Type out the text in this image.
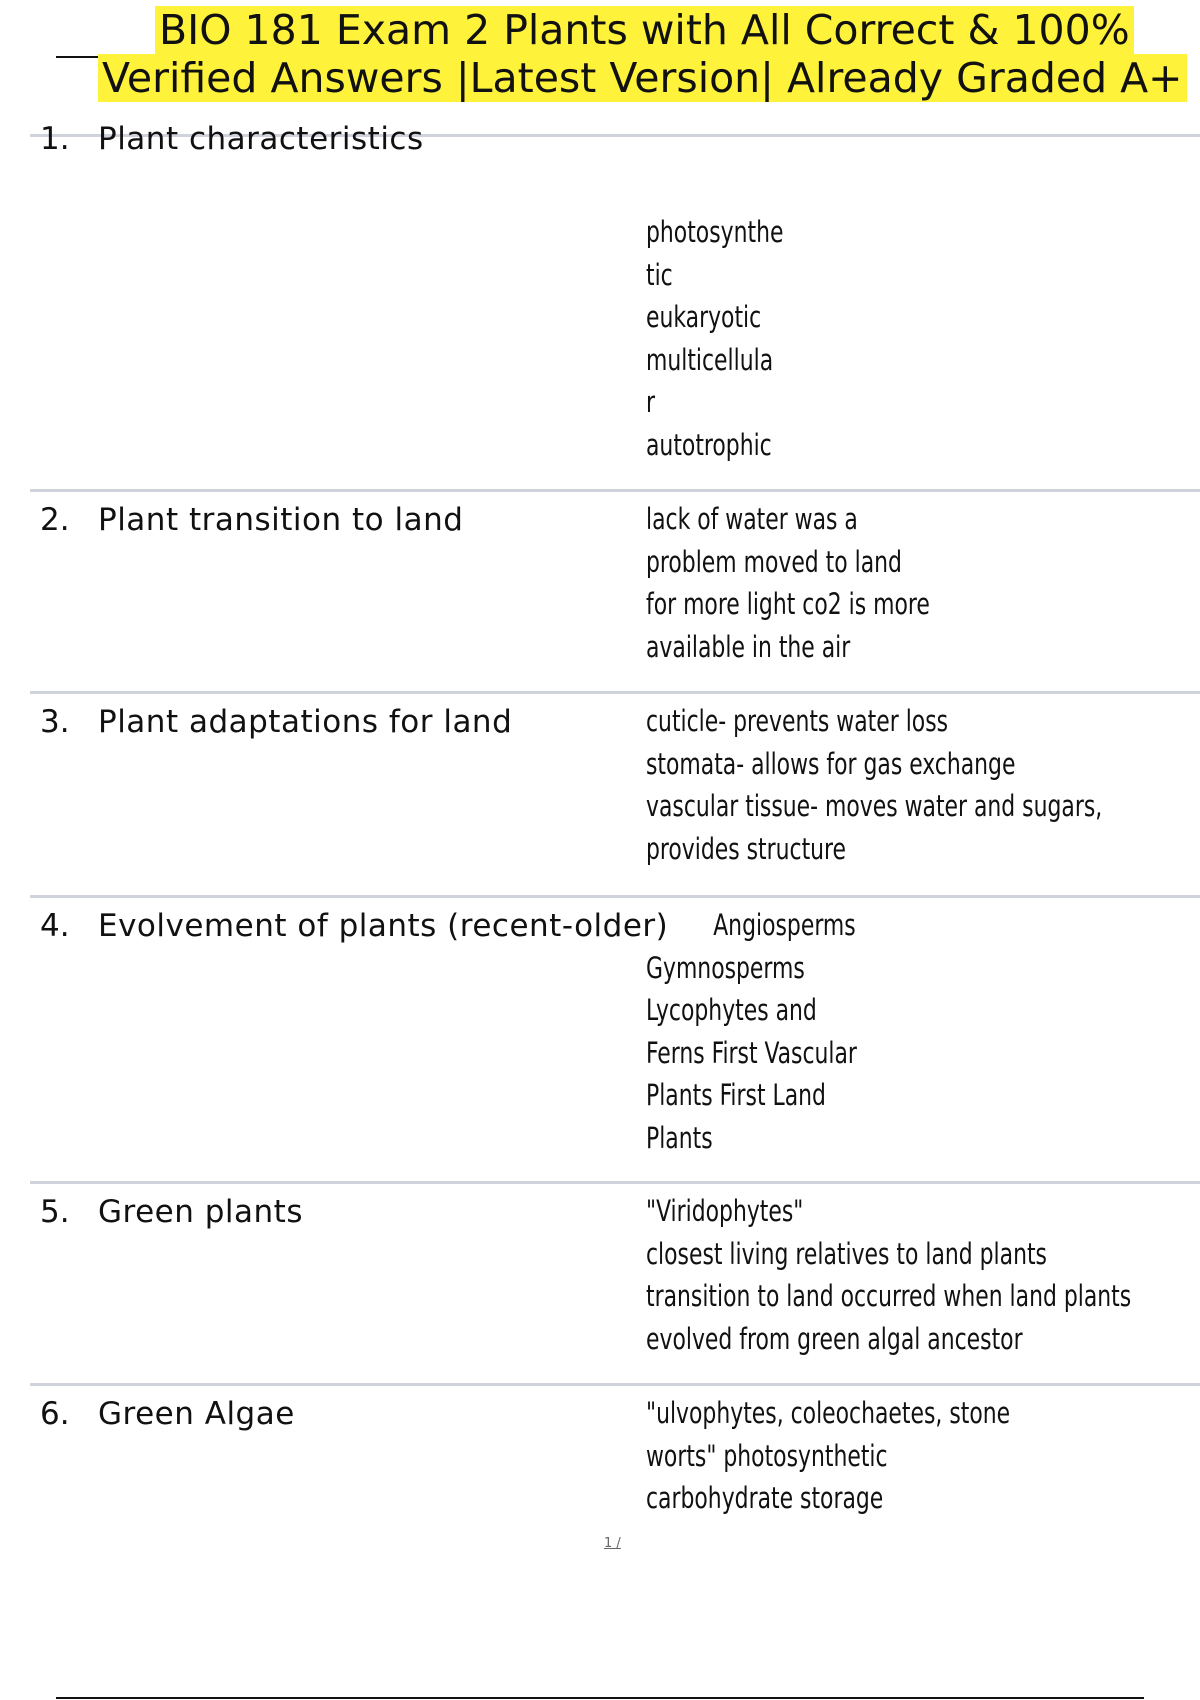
BIO 181 Exam 2 Plants with All Correct & 100%
Verified Answers |Latest Version| Already Graded A+
1. Plant characteristics
photosynthe
tic
eukaryotic
multicellula
r
autotrophic
2. Plant transition to land	lack of water was a
problem moved to land
for more light co2 is more
available in the air
3. Plant adaptations for land	cuticle- prevents water loss
stomata- allows for gas exchange
vascular tissue- moves water and sugars,
provides structure
4. Evolvement of plants (recent-older) Angiosperms
Gymnosperms
Lycophytes and
Ferns First Vascular
Plants First Land
Plants
5. Green plants	"Viridophytes"
closest living relatives to land plants
transition to land occurred when land plants
evolved from green algal ancestor
6. Green Algae	"ulvophytes, coleochaetes, stone
worts" photosynthetic
carbohydrate storage
1 /
